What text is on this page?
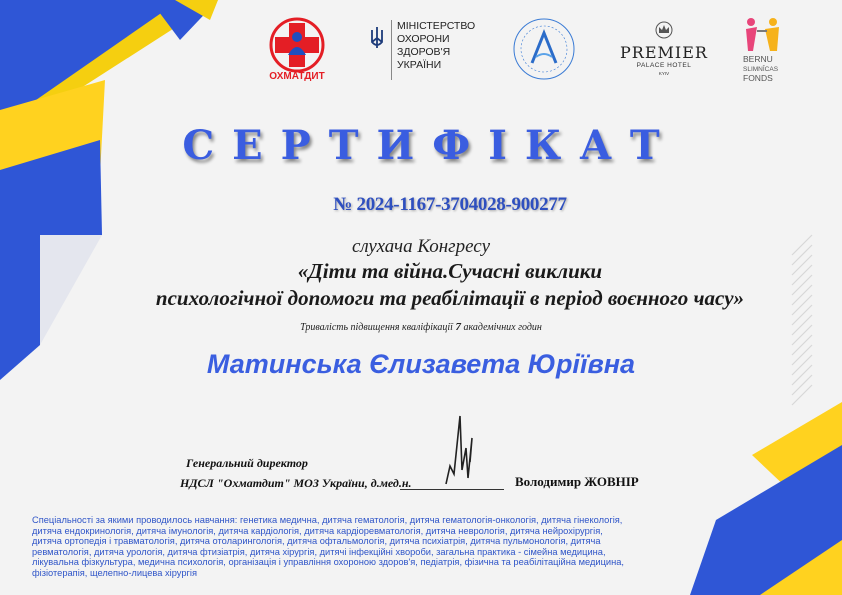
ОХМАТДИТ
МІНІСТЕРСТВО
ОХОРОНИ
ЗДОРОВ'Я
УКРАЇНИ
PREMIER
PALACE HOTEL
KYIV
BERNU
SLIMNĪCAS
FONDS
СЕРТИФІКАТ
№ 2024-1167-3704028-900277
слухача Конгресу
«Діти та війна.Сучасні виклики
психологічної допомоги та реабілітації в період воєнного часу»
Тривалість підвищення кваліфікації 7 академічних годин
Матинська Єлизавета Юріївна
Генеральний директор
НДСЛ "Охматдит" МОЗ України, д.мед.н.	Володимир ЖОВНІР
Спеціальності за якими проводилось навчання: генетика медична, дитяча гематологія, дитяча гематологія-онкологія, дитяча гінекологія,
дитяча ендокринологія, дитяча імунологія, дитяча кардіологія, дитяча кардіоревматологія, дитяча неврологія, дитяча нейрохірургія,
дитяча ортопедія і травматологія, дитяча отоларингологія, дитяча офтальмологія, дитяча психіатрія, дитяча пульмонологія, дитяча
ревматологія, дитяча урологія, дитяча фтизіатрія, дитяча хірургія, дитячі інфекційні хвороби, загальна практика - сімейна медицина,
лікувальна фізкультура, медична психологія, організація і управління охороною здоров'я, педіатрія, фізична та реабілітаційна медицина,
фізіотерапія, щелепно-лицева хірургія
